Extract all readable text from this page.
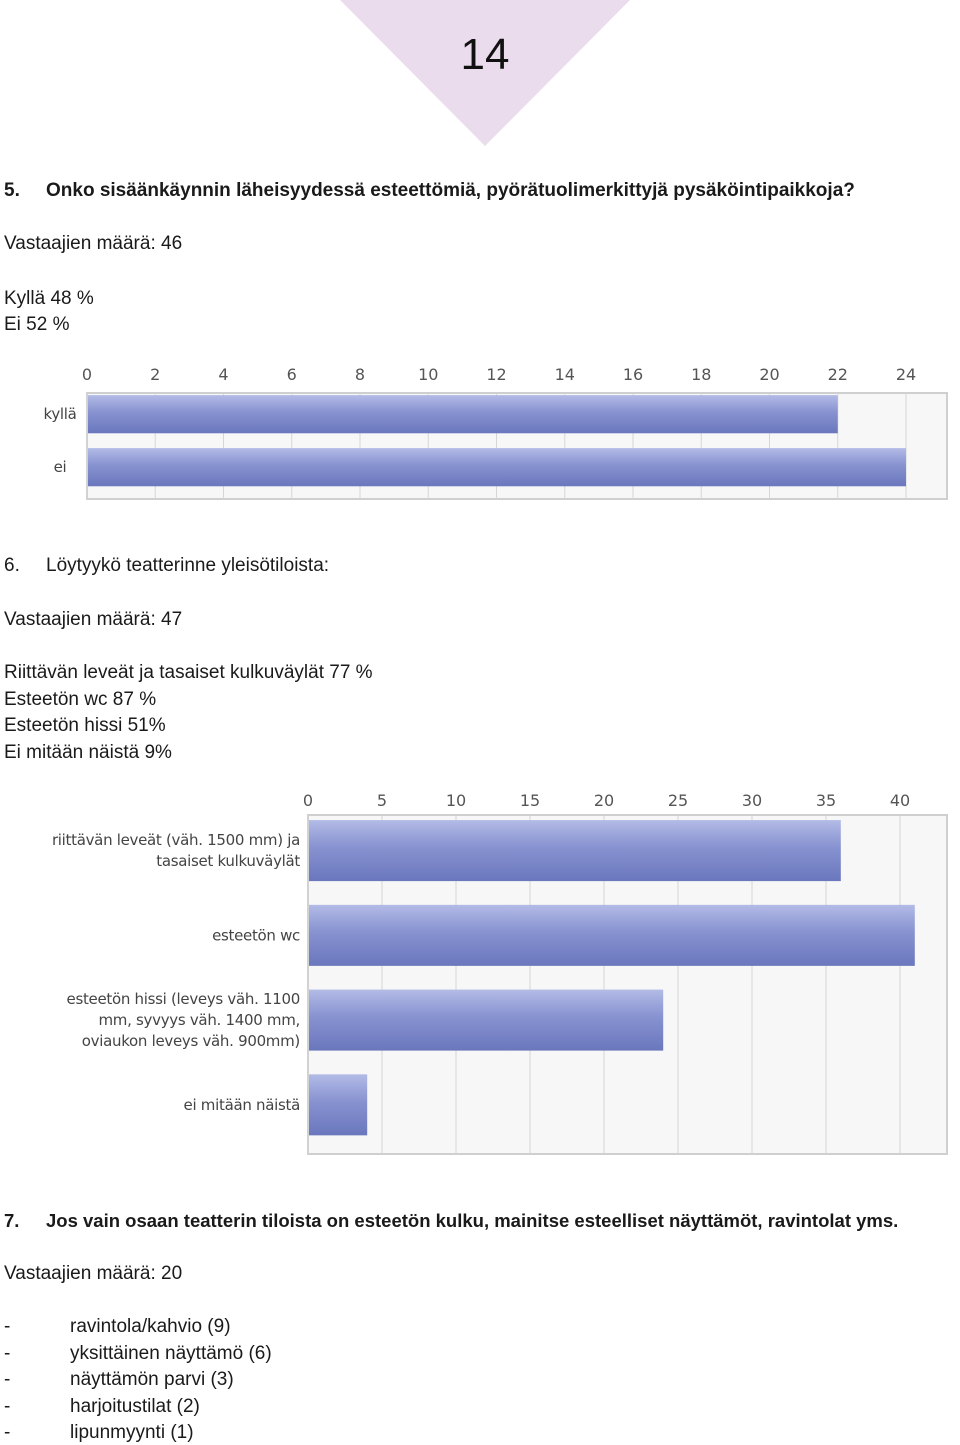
14
5. Onko sisäänkäynnin läheisyydessä esteettömiä, pyörätuolimerkittyjä pysäköintipaikkoja?
Vastaajien määrä: 46
Kyllä 48 %
Ei 52 %
0	2	4	6	8	10	12	14	16	18	20	22	24
kyllä
ei
6. Löytyykö teatterinne yleisötiloista:
Vastaajien määrä: 47
Riittävän leveät ja tasaiset kulkuväylät 77 %
Esteetön wc 87 %
Esteetön hissi 51%
Ei mitään näistä 9%
0	5	10	15	20	25	30	35	40
riittävän leveät (väh. 1500 mm) ja
tasaiset kulkuväylät
esteetön wc
esteetön hissi (leveys väh. 1100
mm, syvyys väh. 1400 mm,
oviaukon leveys väh. 900mm)
ei mitään näistä
7. Jos vain osaan teatterin tiloista on esteetön kulku, mainitse esteelliset näyttämöt, ravintolat yms.
Vastaajien määrä: 20
-	ravintola/kahvio (9)
-	yksittäinen näyttämö (6)
-	näyttämön parvi (3)
-	harjoitustilat (2)
-	lipunmyynti (1)
